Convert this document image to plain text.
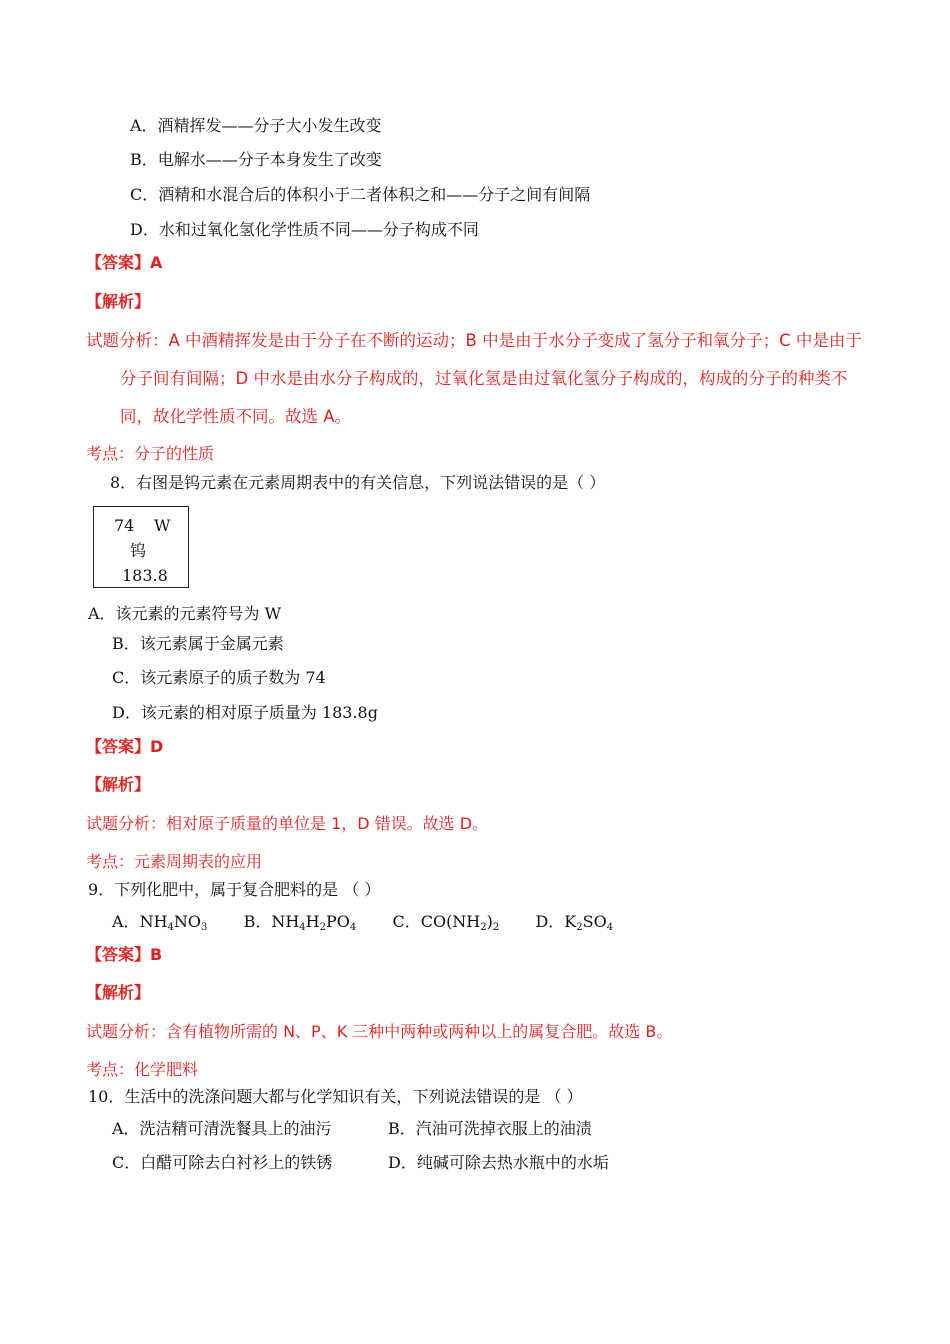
A．酒精挥发——分子大小发生改变
B．电解水——分子本身发生了改变
C．酒精和水混合后的体积小于二者体积之和——分子之间有间隔
D．水和过氧化氢化学性质不同——分子构成不同
【答案】A
【解析】
试题分析：A 中酒精挥发是由于分子在不断的运动；B 中是由于水分子变成了氢分子和氧分子；C 中是由于
分子间有间隔；D 中水是由水分子构成的，过氧化氢是由过氧化氢分子构成的，构成的分子的种类不
同，故化学性质不同。故选 A。
考点：分子的性质
8．右图是钨元素在元素周期表中的有关信息，下列说法错误的是（ ）
74 W
钨
183.8
A．该元素的元素符号为 W
B．该元素属于金属元素
C．该元素原子的质子数为 74
D．该元素的相对原子质量为 183.8g
【答案】D
【解析】
试题分析：相对原子质量的单位是 1，D 错误。故选 D。
考点：元素周期表的应用
9．下列化肥中，属于复合肥料的是 （ ）
A．$NH_4NO_3$ B．$NH_4H_2PO_4$ C．$CO(NH_2)_2$ D．$K_2SO_4$
【答案】B
【解析】
试题分析：含有植物所需的 N、P、K 三种中两种或两种以上的属复合肥。故选 B。
考点：化学肥料
10．生活中的洗涤问题大都与化学知识有关，下列说法错误的是 （ ）
A．洗洁精可清洗餐具上的油污	B．汽油可洗掉衣服上的油渍
C．白醋可除去白衬衫上的铁锈	D．纯碱可除去热水瓶中的水垢
